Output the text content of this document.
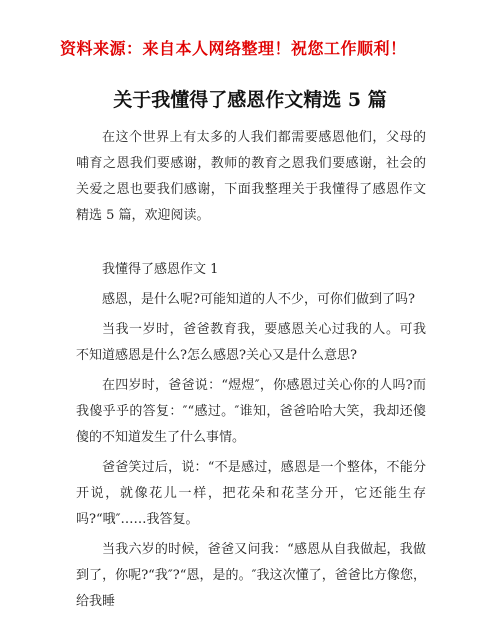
资料来源：来自本人网络整理！祝您工作顺利！
关于我懂得了感恩作文精选 5 篇

在这个世界上有太多的人我们都需要感恩他们，父母的哺育之恩我们要感谢，教师的教育之恩我们要感谢，社会的关爱之恩也要我们感谢，下面我整理关于我懂得了感恩作文精选 5 篇，欢迎阅读。

我懂得了感恩作文 1

感恩，是什么呢?可能知道的人不少，可你们做到了吗?

当我一岁时，爸爸教育我，要感恩关心过我的人。可我不知道感恩是什么?怎么感恩?关心又是什么意思?

在四岁时，爸爸说：“煜煜″，你感恩过关心你的人吗?而我傻乎乎的答复：″“感过。″谁知，爸爸哈哈大笑，我却还傻傻的不知道发生了什么事情。

爸爸笑过后，说：“不是感过，感恩是一个整体，不能分开说，就像花儿一样，把花朵和花茎分开，它还能生存吗?“哦″……我答复。

当我六岁的时候，爸爸又问我：“感恩从自我做起，我做到了，你呢?“我″?“恩，是的。″我这次懂了，爸爸比方像您，给我睡
